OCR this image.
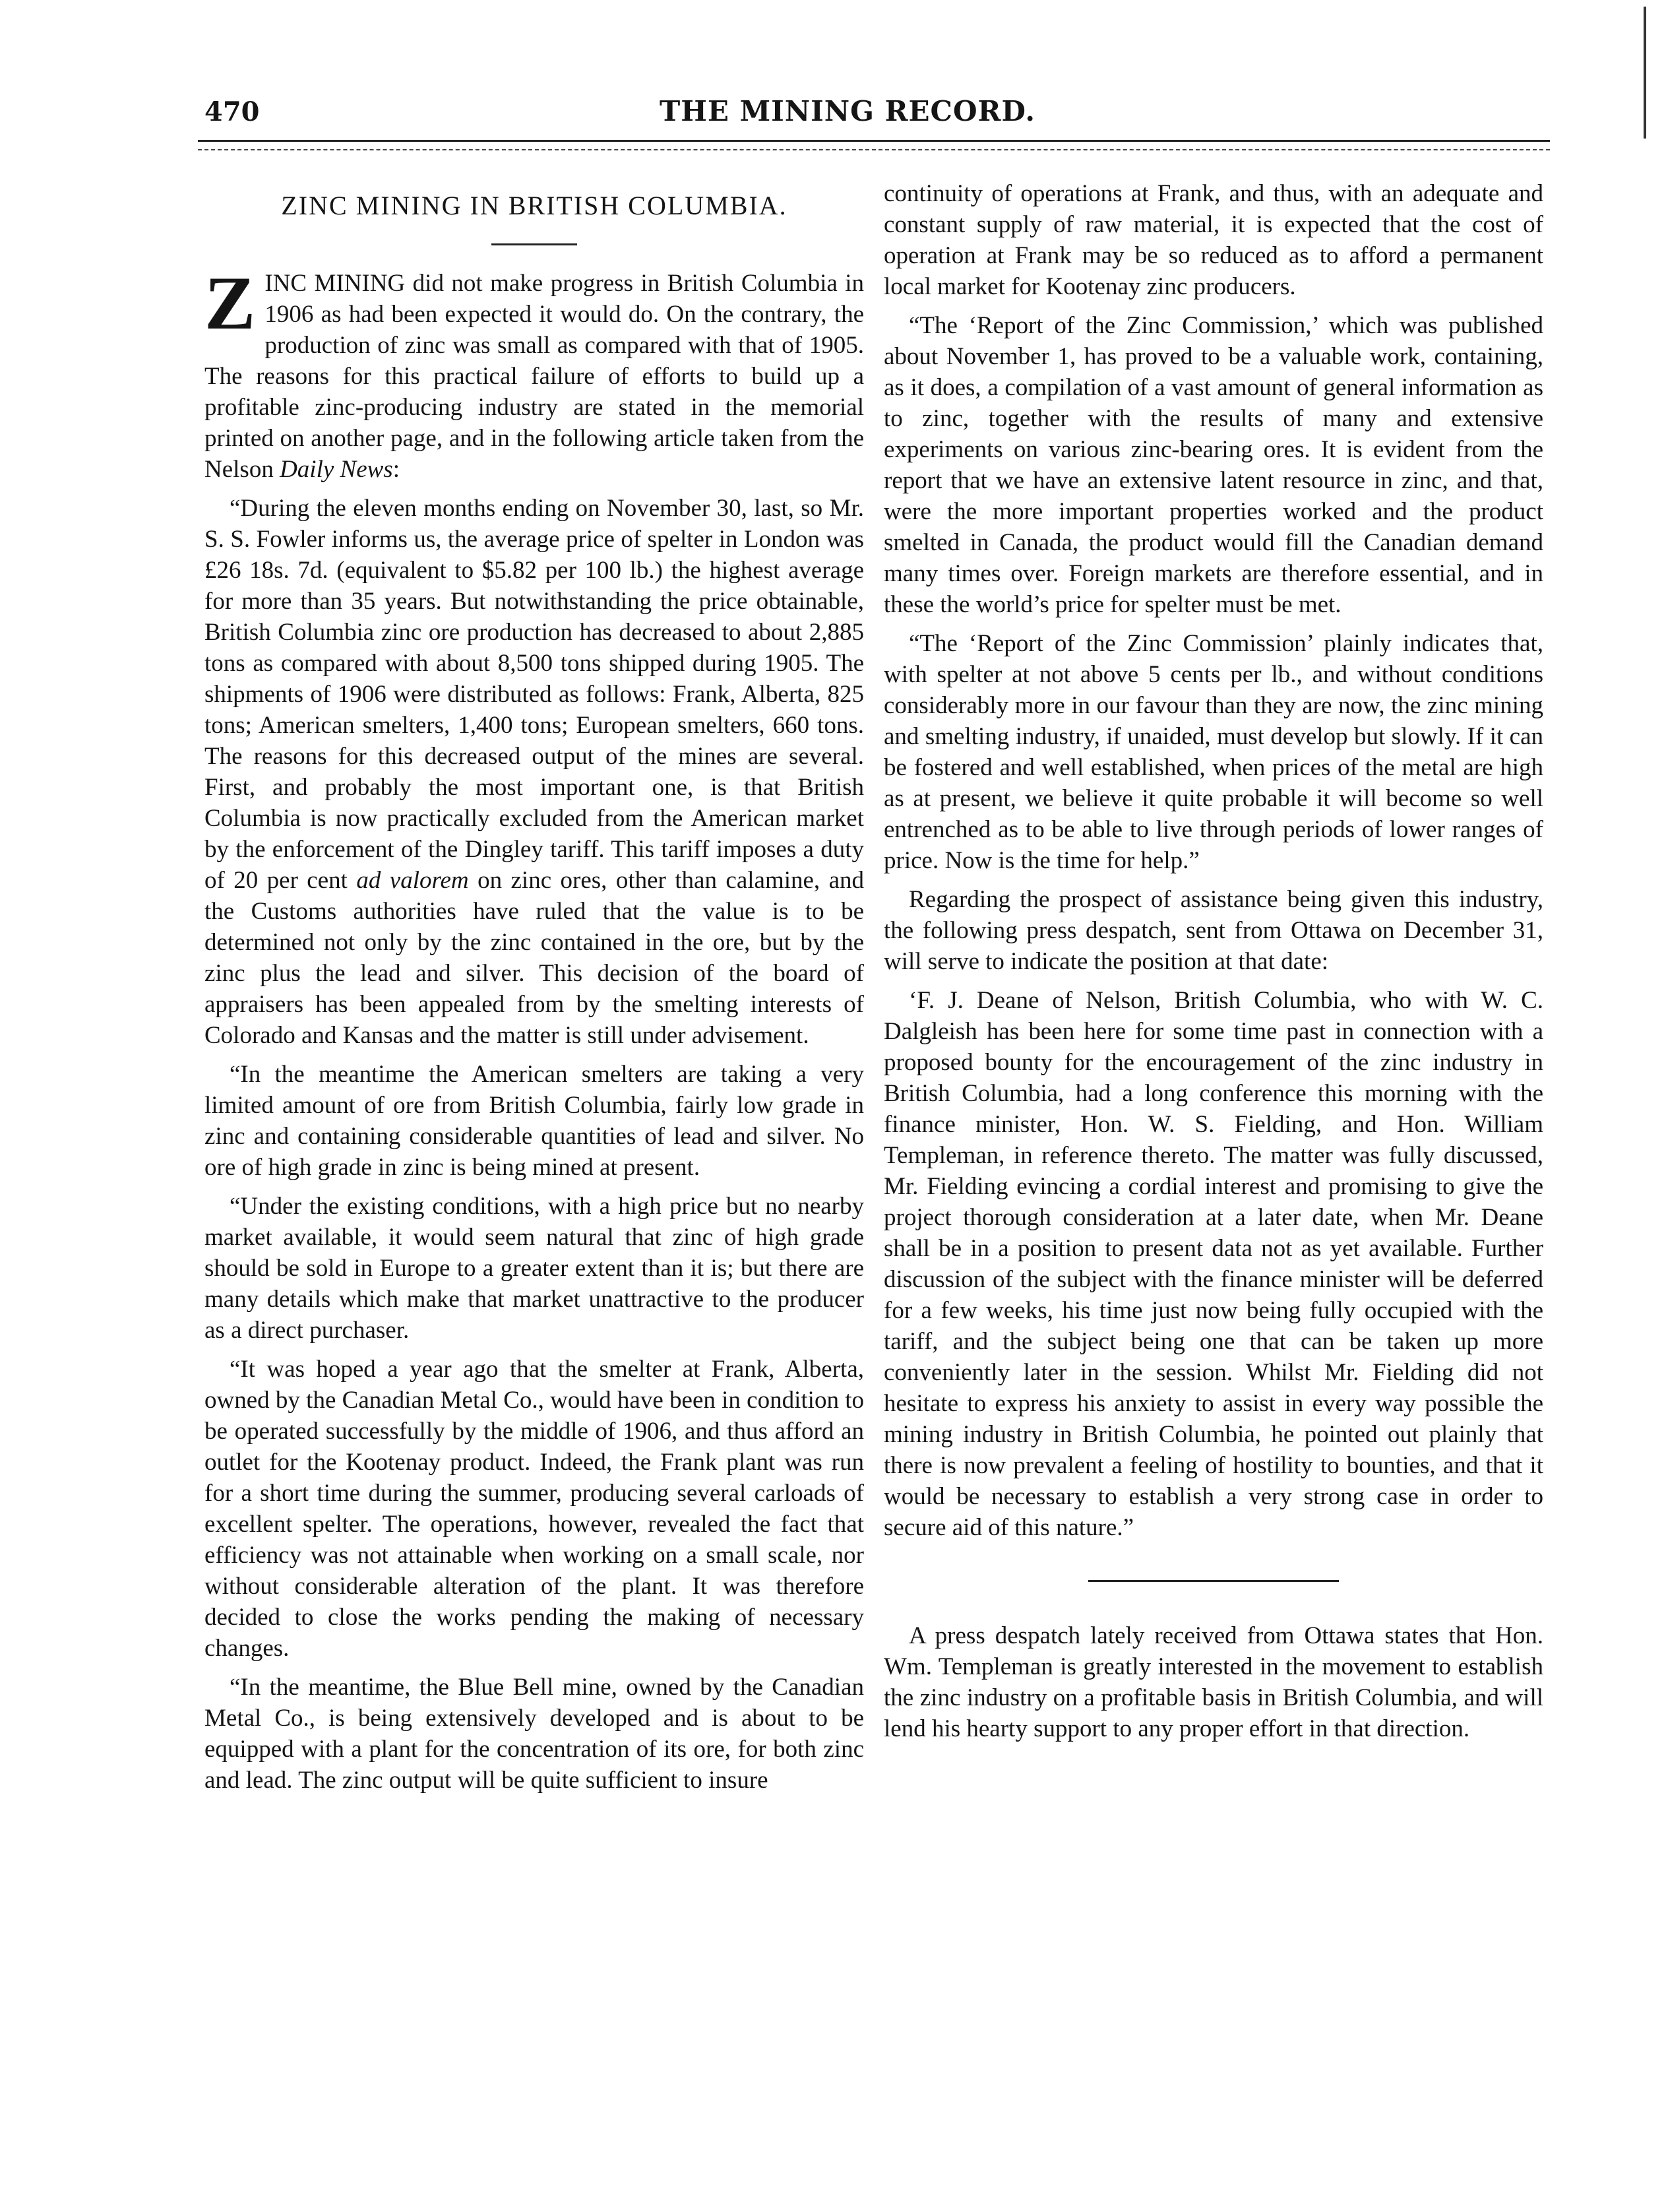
470	THE MINING RECORD.
ZINC MINING IN BRITISH COLUMBIA.

ZINC MINING did not make progress in British Columbia in 1906 as had been expected it would do. On the contrary, the production of zinc was small as compared with that of 1905. The reasons for this practical failure of efforts to build up a profitable zinc-producing industry are stated in the memorial printed on another page, and in the following article taken from the Nelson Daily News:

“During the eleven months ending on November 30, last, so Mr. S. S. Fowler informs us, the average price of spelter in London was £26 18s. 7d. (equivalent to $5.82 per 100 lb.) the highest average for more than 35 years. But notwithstanding the price obtainable, British Columbia zinc ore production has decreased to about 2,885 tons as compared with about 8,500 tons shipped during 1905. The shipments of 1906 were distributed as follows: Frank, Alberta, 825 tons; American smelters, 1,400 tons; European smelters, 660 tons. The reasons for this decreased output of the mines are several. First, and probably the most important one, is that British Columbia is now practically excluded from the American market by the enforcement of the Dingley tariff. This tariff imposes a duty of 20 per cent ad valorem on zinc ores, other than calamine, and the Customs authorities have ruled that the value is to be determined not only by the zinc contained in the ore, but by the zinc plus the lead and silver. This decision of the board of appraisers has been appealed from by the smelting interests of Colorado and Kansas and the matter is still under advisement.

“In the meantime the American smelters are taking a very limited amount of ore from British Columbia, fairly low grade in zinc and containing considerable quantities of lead and silver. No ore of high grade in zinc is being mined at present.

“Under the existing conditions, with a high price but no nearby market available, it would seem natural that zinc of high grade should be sold in Europe to a greater extent than it is; but there are many details which make that market unattractive to the producer as a direct purchaser.

“It was hoped a year ago that the smelter at Frank, Alberta, owned by the Canadian Metal Co., would have been in condition to be operated successfully by the middle of 1906, and thus afford an outlet for the Kootenay product. Indeed, the Frank plant was run for a short time during the summer, producing several carloads of excellent spelter. The operations, however, revealed the fact that efficiency was not attainable when working on a small scale, nor without considerable alteration of the plant. It was therefore decided to close the works pending the making of necessary changes.

“In the meantime, the Blue Bell mine, owned by the Canadian Metal Co., is being extensively developed and is about to be equipped with a plant for the concentration of its ore, for both zinc and lead. The zinc output will be quite sufficient to insure

continuity of operations at Frank, and thus, with an adequate and constant supply of raw material, it is expected that the cost of operation at Frank may be so reduced as to afford a permanent local market for Kootenay zinc producers.

“The ‘Report of the Zinc Commission,’ which was published about November 1, has proved to be a valuable work, containing, as it does, a compilation of a vast amount of general information as to zinc, together with the results of many and extensive experiments on various zinc-bearing ores. It is evident from the report that we have an extensive latent resource in zinc, and that, were the more important properties worked and the product smelted in Canada, the product would fill the Canadian demand many times over. Foreign markets are therefore essential, and in these the world’s price for spelter must be met.

“The ‘Report of the Zinc Commission’ plainly indicates that, with spelter at not above 5 cents per lb., and without conditions considerably more in our favour than they are now, the zinc mining and smelting industry, if unaided, must develop but slowly. If it can be fostered and well established, when prices of the metal are high as at present, we believe it quite probable it will become so well entrenched as to be able to live through periods of lower ranges of price. Now is the time for help.”

Regarding the prospect of assistance being given this industry, the following press despatch, sent from Ottawa on December 31, will serve to indicate the position at that date:

‘F. J. Deane of Nelson, British Columbia, who with W. C. Dalgleish has been here for some time past in connection with a proposed bounty for the encouragement of the zinc industry in British Columbia, had a long conference this morning with the finance minister, Hon. W. S. Fielding, and Hon. William Templeman, in reference thereto. The matter was fully discussed, Mr. Fielding evincing a cordial interest and promising to give the project thorough consideration at a later date, when Mr. Deane shall be in a position to present data not as yet available. Further discussion of the subject with the finance minister will be deferred for a few weeks, his time just now being fully occupied with the tariff, and the subject being one that can be taken up more conveniently later in the session. Whilst Mr. Fielding did not hesitate to express his anxiety to assist in every way possible the mining industry in British Columbia, he pointed out plainly that there is now prevalent a feeling of hostility to bounties, and that it would be necessary to establish a very strong case in order to secure aid of this nature.”

A press despatch lately received from Ottawa states that Hon. Wm. Templeman is greatly interested in the movement to establish the zinc industry on a profitable basis in British Columbia, and will lend his hearty support to any proper effort in that direction.
